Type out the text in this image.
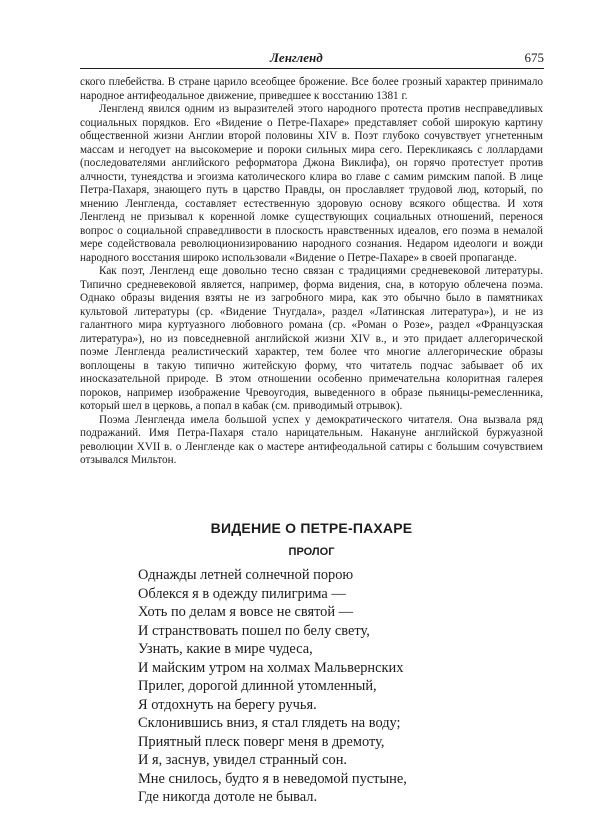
Ленгленд	675

ского плебейства. В стране царило всеобщее брожение. Все более грозный характер принимало народное антифеодальное движение, приведшее к восстанию 1381 г.

Ленгленд явился одним из выразителей этого народного протеста против несправедливых социальных порядков. Его «Видение о Петре-Пахаре» представляет собой широкую картину общественной жизни Англии второй половины XIV в. Поэт глубоко сочувствует угнетенным массам и негодует на высокомерие и пороки сильных мира сего. Перекликаясь с лоллардами (последователями английского реформатора Джона Виклифа), он горячо протестует против алчности, тунеядства и эгоизма католического клира во главе с самим римским папой. В лице Петра-Пахаря, знающего путь в царство Правды, он прославляет трудовой люд, который, по мнению Ленгленда, составляет естественную здоровую основу всякого общества. И хотя Ленгленд не призывал к коренной ломке существующих социальных отношений, перенося вопрос о социальной справедливости в плоскость нравственных идеалов, его поэма в немалой мере содействовала революционизированию народного сознания. Недаром идеологи и вожди народного восстания широко использовали «Видение о Петре-Пахаре» в своей пропаганде.

Как поэт, Ленгленд еще довольно тесно связан с традициями средневековой литературы. Типично средневековой является, например, форма видения, сна, в которую облечена поэма. Однако образы видения взяты не из загробного мира, как это обычно было в памятниках культовой литературы (ср. «Видение Тнугдала», раздел «Латинская литература»), и не из галантного мира куртуазного любовного романа (ср. «Роман о Розе», раздел «Французская литература»), но из повседневной английской жизни XIV в., и это придает аллегорической поэме Ленгленда реалистический характер, тем более что многие аллегорические образы воплощены в такую типично житейскую форму, что читатель подчас забывает об их иносказательной природе. В этом отношении особенно примечательна колоритная галерея пороков, например изображение Чревоугодия, выведенного в образе пьяницы-ремесленника, который шел в церковь, а попал в кабак (см. приводимый отрывок).

Поэма Ленгленда имела большой успех у демократического читателя. Она вызвала ряд подражаний. Имя Петра-Пахаря стало нарицательным. Накануне английской буржуазной революции XVII в. о Ленгленде как о мастере антифеодальной сатиры с большим сочувствием отзывался Мильтон.

ВИДЕНИЕ О ПЕТРЕ-ПАХАРЕ
ПРОЛОГ
Однажды летней солнечной порою
Облекся я в одежду пилигрима —
Хоть по делам я вовсе не святой —
И странствовать пошел по белу свету,
Узнать, какие в мире чудеса,
И майским утром на холмах Мальвернских
Прилег, дорогой длинной утомленный,
Я отдохнуть на берегу ручья.
Склонившись вниз, я стал глядеть на воду;
Приятный плеск поверг меня в дремоту,
И я, заснув, увидел странный сон.
Мне снилось, будто я в неведомой пустыне,
Где никогда дотоле не бывал.
